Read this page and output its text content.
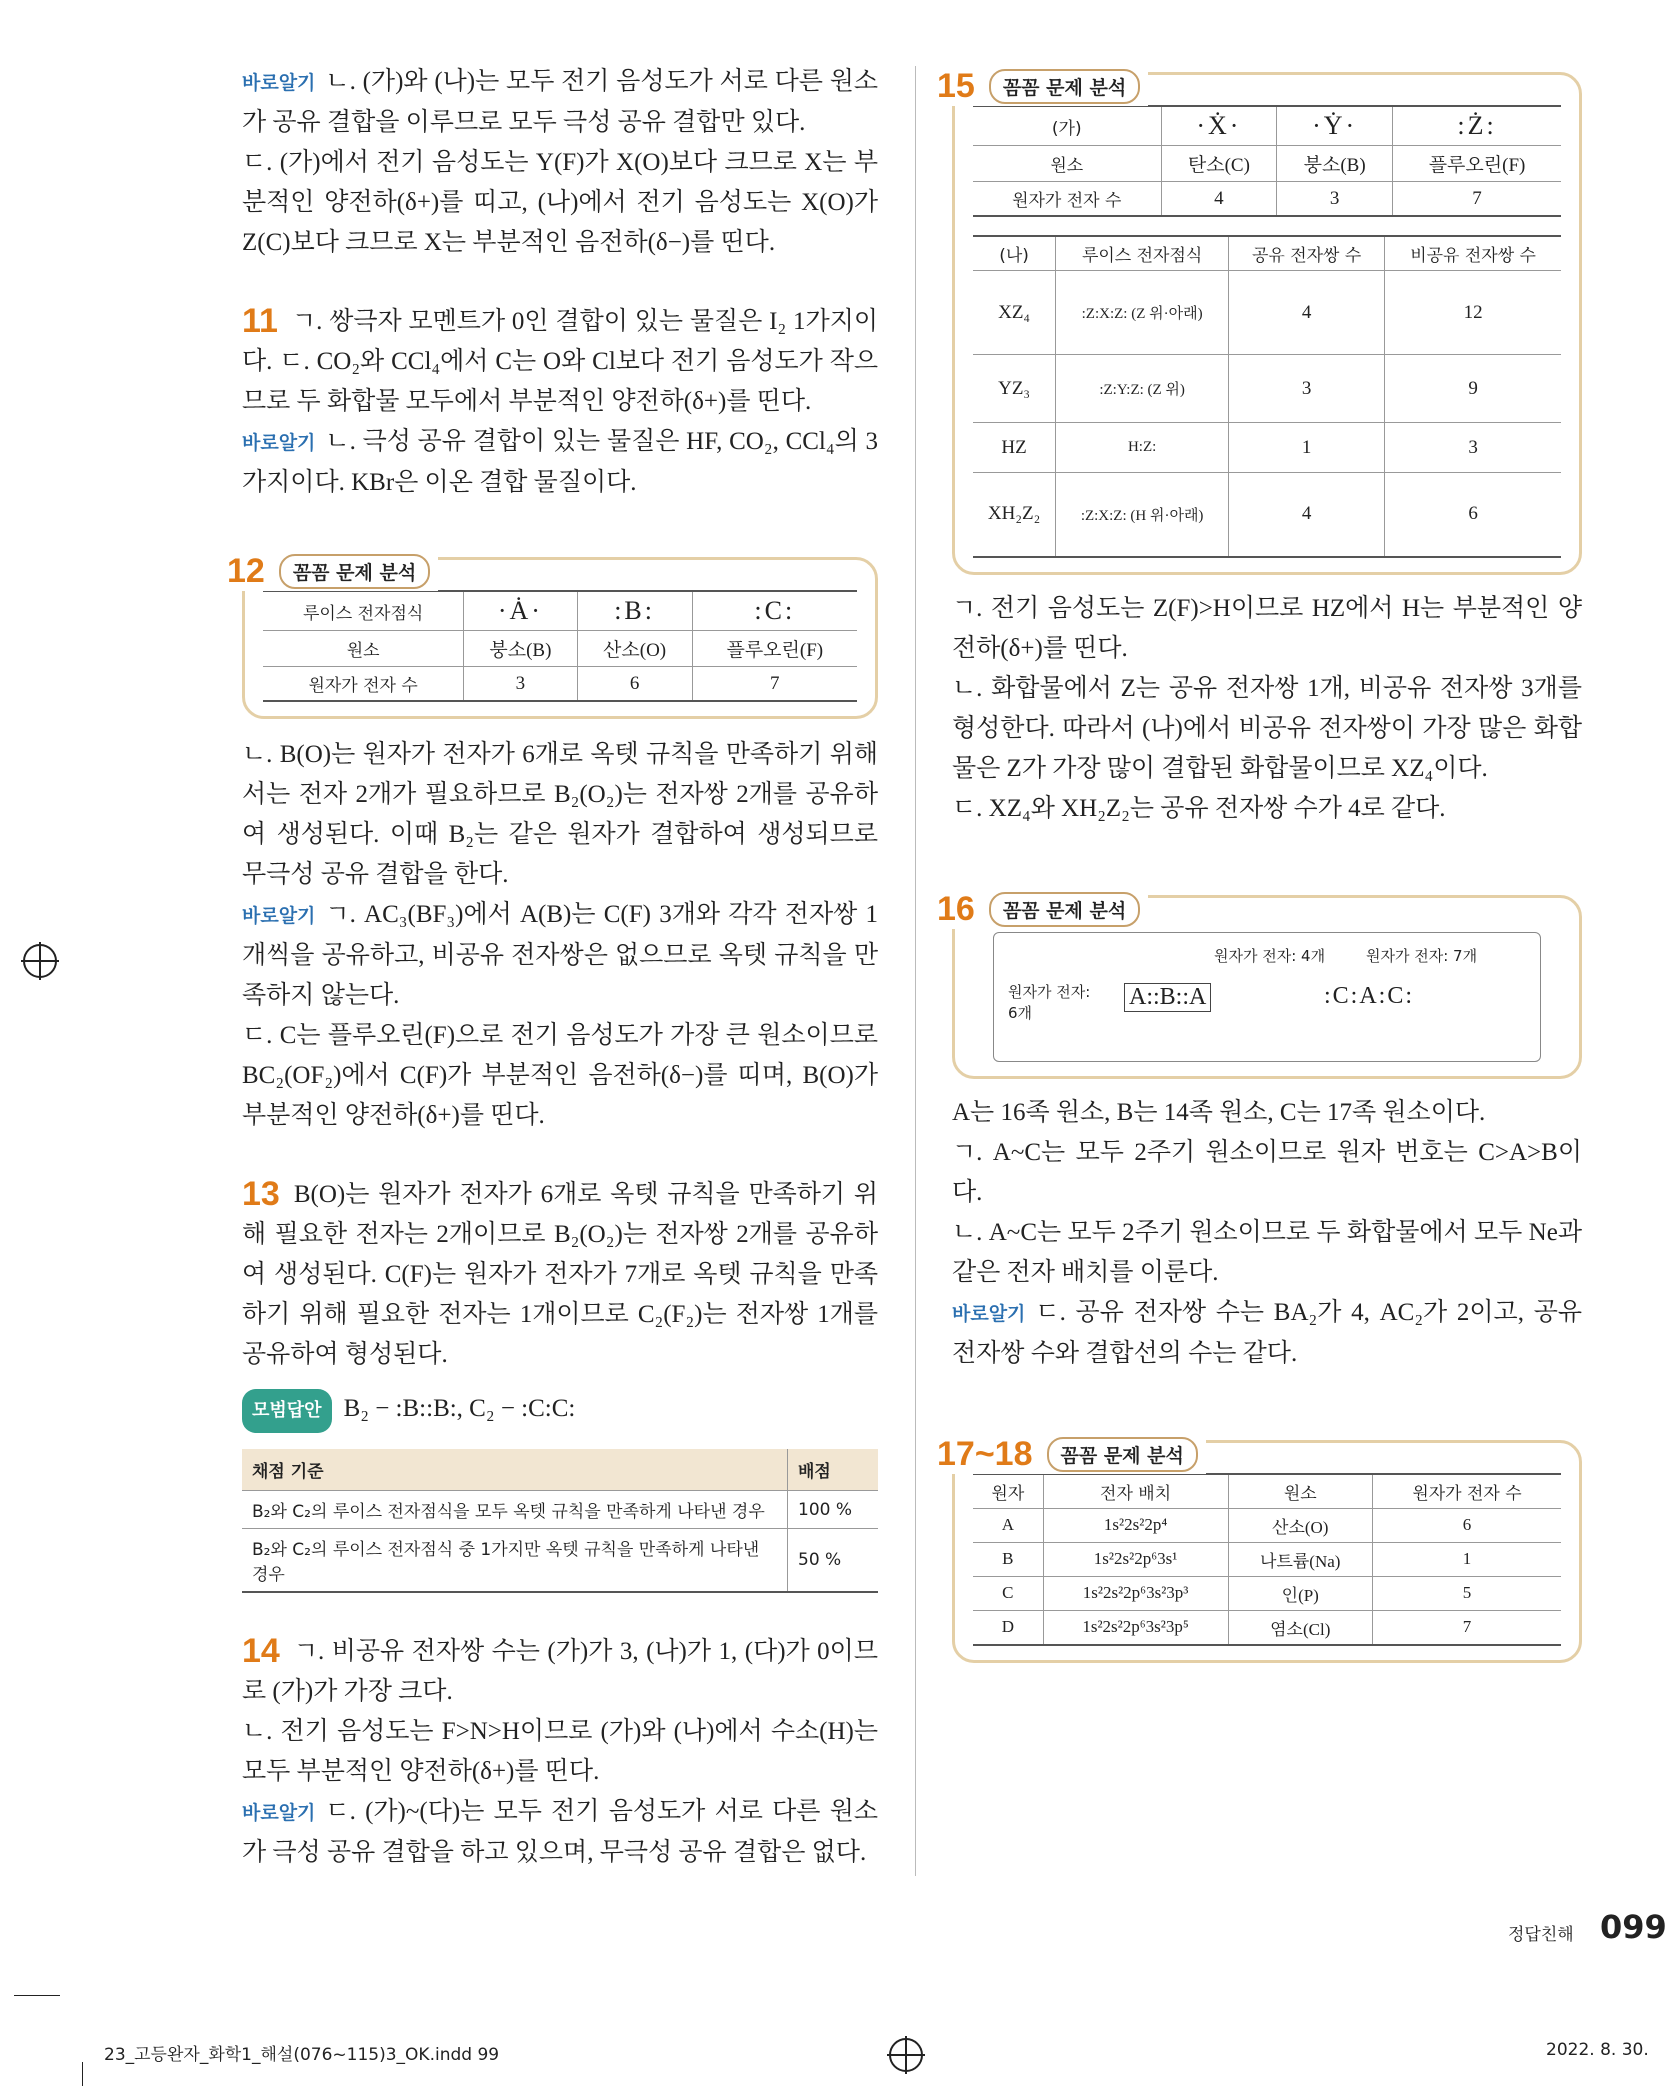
바로알기 ㄴ. (가)와 (나)는 모두 전기 음성도가 서로 다른 원소가 공유 결합을 이루므로 모두 극성 공유 결합만 있다.

ㄷ. (가)에서 전기 음성도는 Y(F)가 X(O)보다 크므로 X는 부분적인 양전하(δ+)를 띠고, (나)에서 전기 음성도는 X(O)가 Z(C)보다 크므로 X는 부분적인 음전하(δ−)를 띤다.

11 ㄱ. 쌍극자 모멘트가 0인 결합이 있는 물질은 I₂ 1가지이다. ㄷ. CO₂와 CCl₄에서 C는 O와 Cl보다 전기 음성도가 작으므로 두 화합물 모두에서 부분적인 양전하(δ+)를 띤다.

바로알기 ㄴ. 극성 공유 결합이 있는 물질은 HF, CO₂, CCl₄의 3가지이다. KBr은 이온 결합 물질이다.

12	꼼꼼 문제 분석
루이스 전자점식	·Ȧ·	:B:	:C:
원소	붕소(B)	산소(O)	플루오린(F)
원자가 전자 수	3	6	7

ㄴ. B(O)는 원자가 전자가 6개로 옥텟 규칙을 만족하기 위해서는 전자 2개가 필요하므로 B₂(O₂)는 전자쌍 2개를 공유하여 생성된다. 이때 B₂는 같은 원자가 결합하여 생성되므로 무극성 공유 결합을 한다.

바로알기 ㄱ. AC₃(BF₃)에서 A(B)는 C(F) 3개와 각각 전자쌍 1개씩을 공유하고, 비공유 전자쌍은 없으므로 옥텟 규칙을 만족하지 않는다.

ㄷ. C는 플루오린(F)으로 전기 음성도가 가장 큰 원소이므로 BC₂(OF₂)에서 C(F)가 부분적인 음전하(δ−)를 띠며, B(O)가 부분적인 양전하(δ+)를 띤다.

13 B(O)는 원자가 전자가 6개로 옥텟 규칙을 만족하기 위해 필요한 전자는 2개이므로 B₂(O₂)는 전자쌍 2개를 공유하여 생성된다. C(F)는 원자가 전자가 7개로 옥텟 규칙을 만족하기 위해 필요한 전자는 1개이므로 C₂(F₂)는 전자쌍 1개를 공유하여 형성된다.

모범답안 B₂ − :B::B:, C₂ − :C:C:

채점 기준	배점
B₂와 C₂의 루이스 전자점식을 모두 옥텟 규칙을 만족하게 나타낸 경우	100 %
B₂와 C₂의 루이스 전자점식 중 1가지만 옥텟 규칙을 만족하게 나타낸 경우	50 %

14 ㄱ. 비공유 전자쌍 수는 (가)가 3, (나)가 1, (다)가 0이므로 (가)가 가장 크다.

ㄴ. 전기 음성도는 F>N>H이므로 (가)와 (나)에서 수소(H)는 모두 부분적인 양전하(δ+)를 띤다.

바로알기 ㄷ. (가)~(다)는 모두 전기 음성도가 서로 다른 원소가 극성 공유 결합을 하고 있으며, 무극성 공유 결합은 없다.

15	꼼꼼 문제 분석
(가)	·Ẋ·	·Ẏ·	:Ż:
원소	탄소(C)	붕소(B)	플루오린(F)
원자가 전자 수	4	3	7
(나)	루이스 전자점식	공유 전자쌍 수	비공유 전자쌍 수
XZ₄	:Z:X:Z: (Z 위·아래)	4	12
YZ₃	:Z:Y:Z: (Z 위)	3	9
HZ	H:Z:	1	3
XH₂Z₂	:Z:X:Z: (H 위·아래)	4	6

ㄱ. 전기 음성도는 Z(F)>H이므로 HZ에서 H는 부분적인 양전하(δ+)를 띤다.

ㄴ. 화합물에서 Z는 공유 전자쌍 1개, 비공유 전자쌍 3개를 형성한다. 따라서 (나)에서 비공유 전자쌍이 가장 많은 화합물은 Z가 가장 많이 결합된 화합물이므로 XZ₄이다.

ㄷ. XZ₄와 XH₂Z₂는 공유 전자쌍 수가 4로 같다.

16	꼼꼼 문제 분석
원자가 전자: 6개
원자가 전자: 4개	원자가 전자: 7개
A::B::A	:C:A:C:

A는 16족 원소, B는 14족 원소, C는 17족 원소이다.

ㄱ. A~C는 모두 2주기 원소이므로 원자 번호는 C>A>B이다.

ㄴ. A~C는 모두 2주기 원소이므로 두 화합물에서 모두 Ne과 같은 전자 배치를 이룬다.

바로알기 ㄷ. 공유 전자쌍 수는 BA₂가 4, AC₂가 2이고, 공유 전자쌍 수와 결합선의 수는 같다.

17~18	꼼꼼 문제 분석
원자	전자 배치	원소	원자가 전자 수
A	1s²2s²2p⁴	산소(O)	6
B	1s²2s²2p⁶3s¹	나트륨(Na)	1
C	1s²2s²2p⁶3s²3p³	인(P)	5
D	1s²2s²2p⁶3s²3p⁵	염소(Cl)	7
정답친해 099
23_고등완자_화학1_해설(076~115)3_OK.indd 99	2022. 8. 30.
